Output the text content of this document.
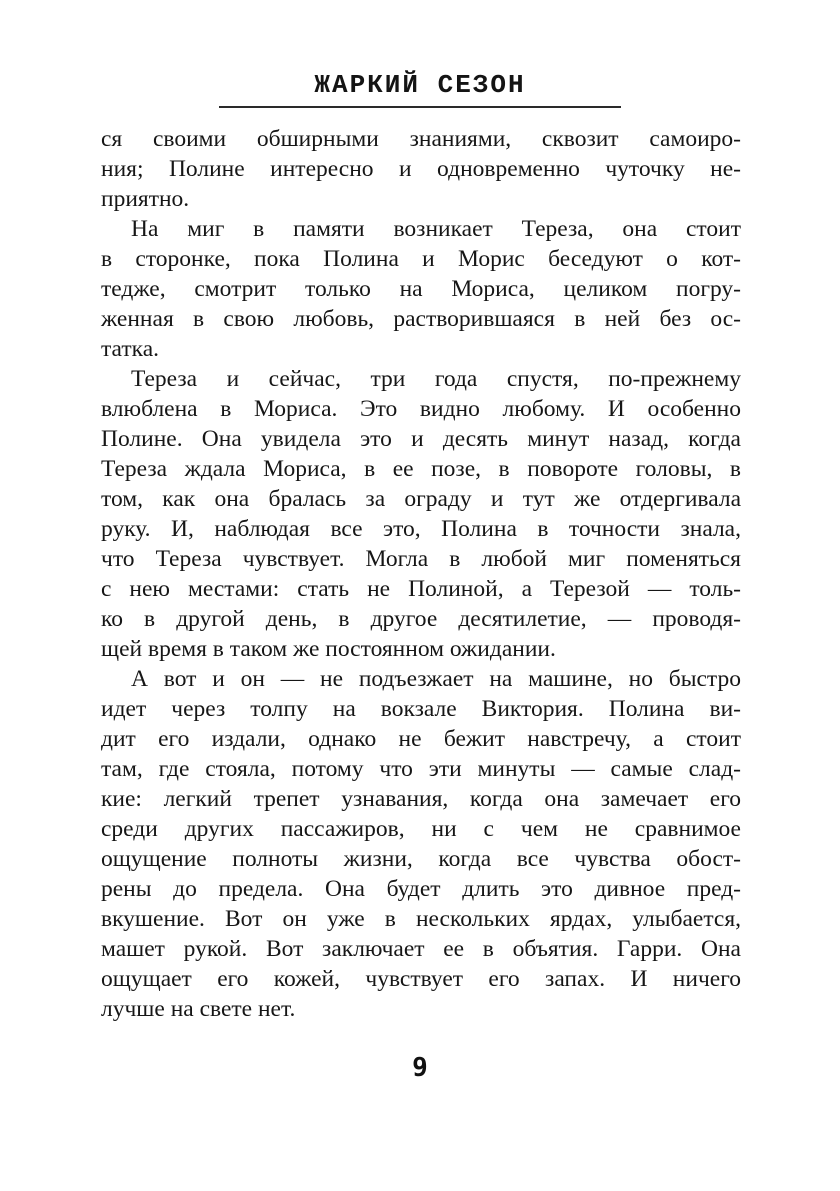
ЖАРКИЙ СЕЗОН
ся своими обширными знаниями, сквозит самоиро-
ния; Полине интересно и одновременно чуточку не-
приятно.
На миг в памяти возникает Тереза, она стоит
в сторонке, пока Полина и Морис беседуют о кот-
тедже, смотрит только на Мориса, целиком погру-
женная в свою любовь, растворившаяся в ней без ос-
татка.
Тереза и сейчас, три года спустя, по-прежнему
влюблена в Мориса. Это видно любому. И особенно
Полине. Она увидела это и десять минут назад, когда
Тереза ждала Мориса, в ее позе, в повороте головы, в
том, как она бралась за ограду и тут же отдергивала
руку. И, наблюдая все это, Полина в точности знала,
что Тереза чувствует. Могла в любой миг поменяться
с нею местами: стать не Полиной, а Терезой — толь-
ко в другой день, в другое десятилетие, — проводя-
щей время в таком же постоянном ожидании.
А вот и он — не подъезжает на машине, но быстро
идет через толпу на вокзале Виктория. Полина ви-
дит его издали, однако не бежит навстречу, а стоит
там, где стояла, потому что эти минуты — самые слад-
кие: легкий трепет узнавания, когда она замечает его
среди других пассажиров, ни с чем не сравнимое
ощущение полноты жизни, когда все чувства обост-
рены до предела. Она будет длить это дивное пред-
вкушение. Вот он уже в нескольких ярдах, улыбается,
машет рукой. Вот заключает ее в объятия. Гарри. Она
ощущает его кожей, чувствует его запах. И ничего
лучше на свете нет.
9
